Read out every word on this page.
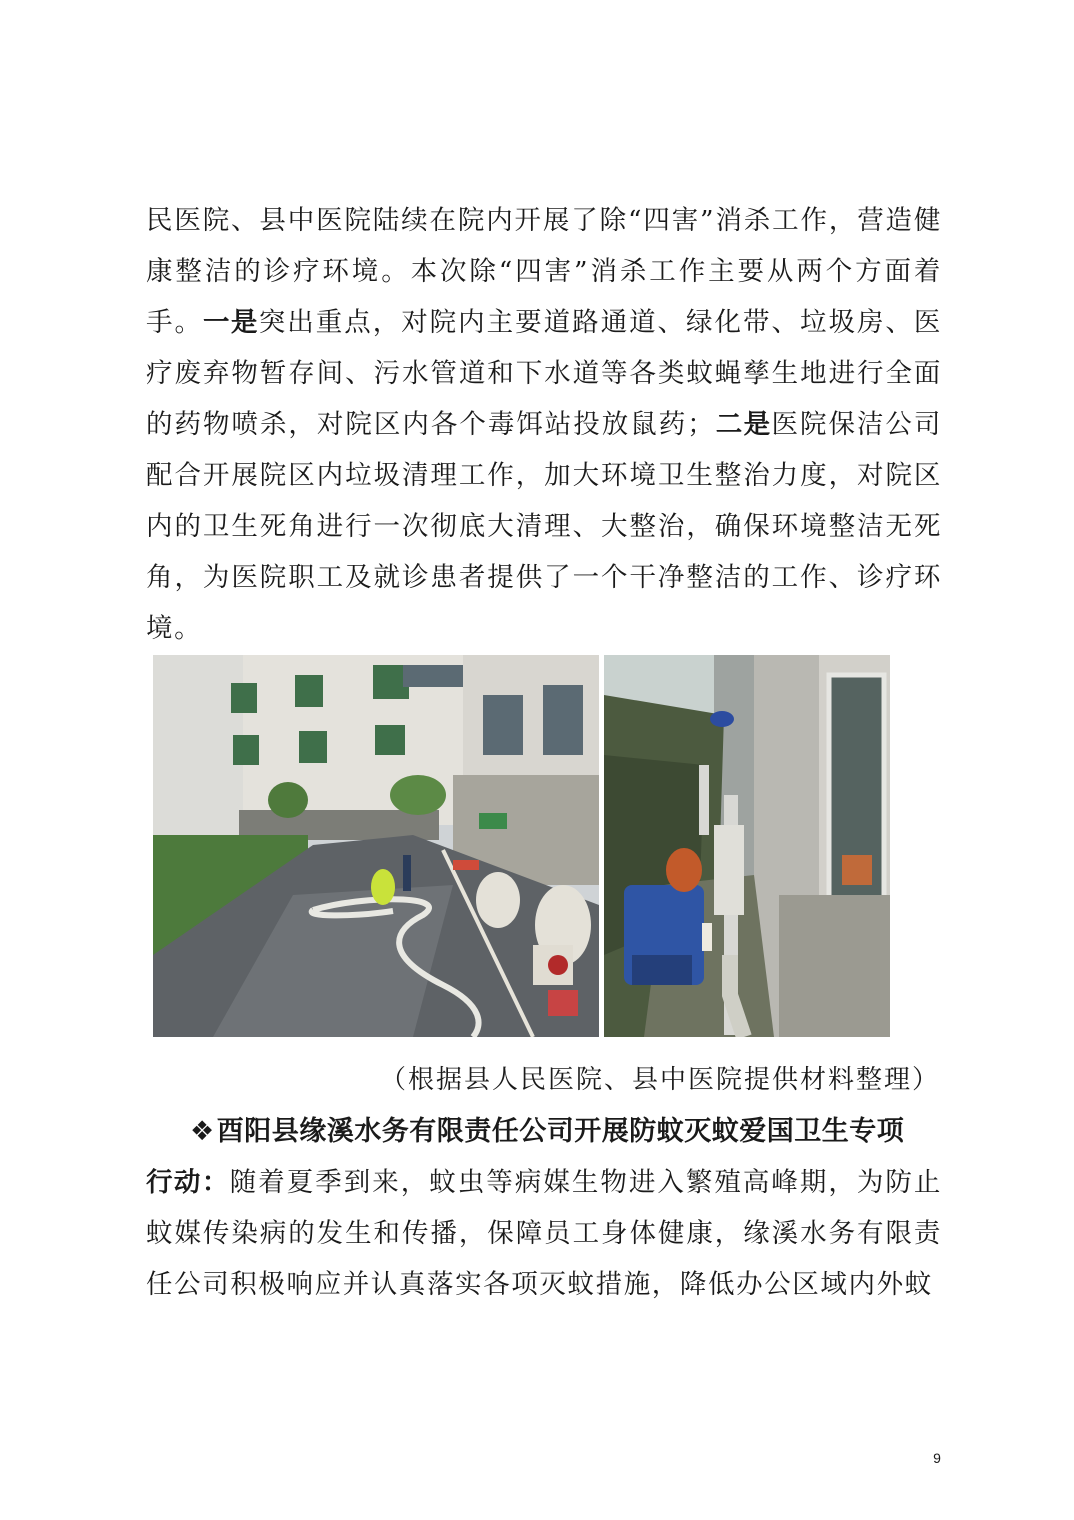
民医院、县中医院陆续在院内开展了除“四害”消杀工作，营造健康整洁的诊疗环境。本次除“四害”消杀工作主要从两个方面着手。一是突出重点，对院内主要道路通道、绿化带、垃圾房、医疗废弃物暂存间、污水管道和下水道等各类蚊蝇孳生地进行全面的药物喷杀，对院区内各个毒饵站投放鼠药；二是医院保洁公司配合开展院区内垃圾清理工作，加大环境卫生整治力度，对院区内的卫生死角进行一次彻底大清理、大整治，确保环境整洁无死角，为医院职工及就诊患者提供了一个干净整洁的工作、诊疗环境。

（根据县人民医院、县中医院提供材料整理）
❖酉阳县缘溪水务有限责任公司开展防蚊灭蚊爱国卫生专项

行动：随着夏季到来，蚊虫等病媒生物进入繁殖高峰期，为防止蚊媒传染病的发生和传播，保障员工身体健康，缘溪水务有限责任公司积极响应并认真落实各项灭蚊措施，降低办公区域内外蚊

9
